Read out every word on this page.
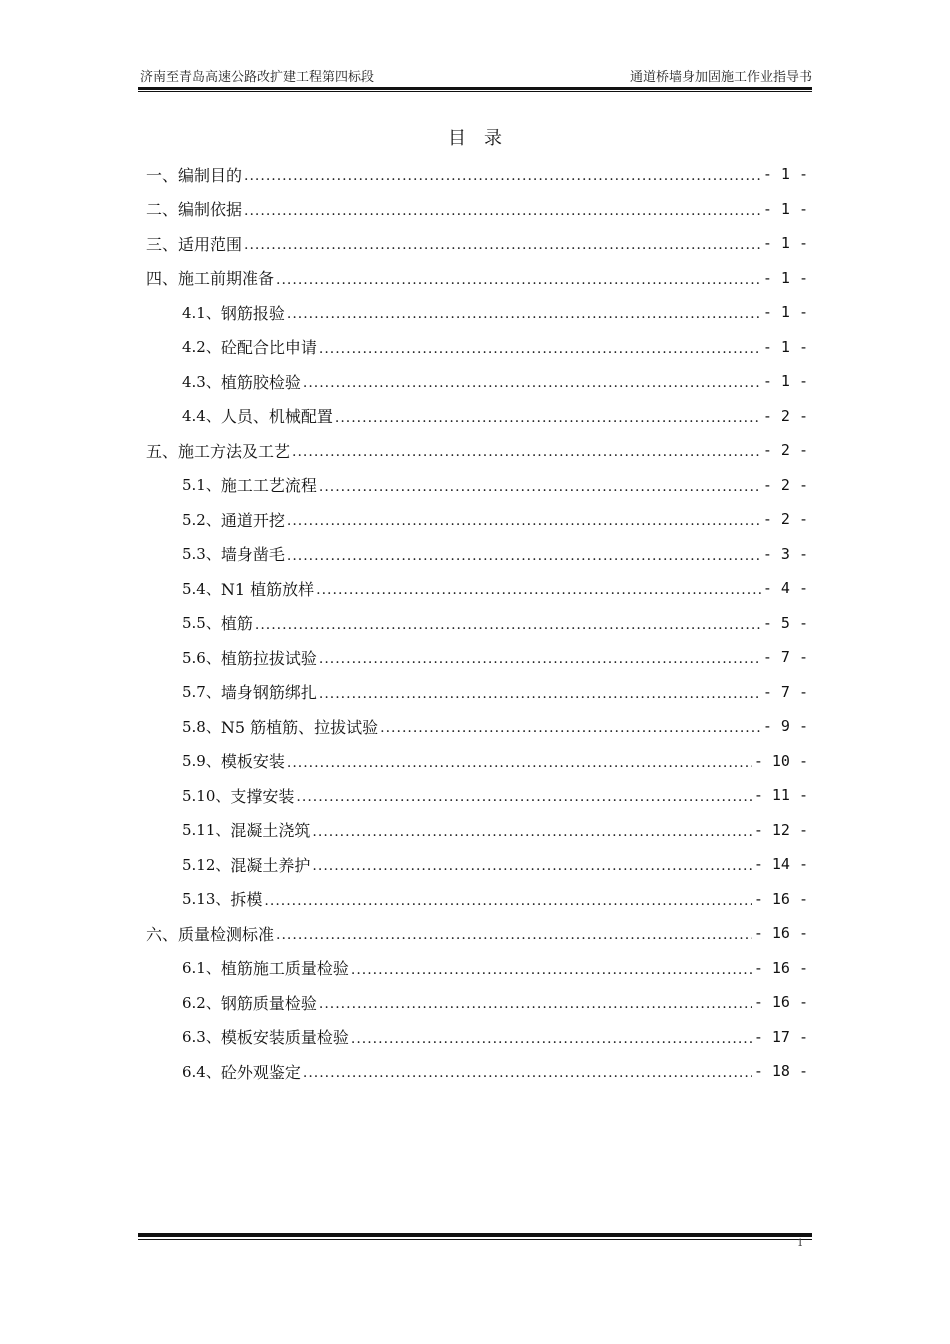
济南至青岛高速公路改扩建工程第四标段	通道桥墙身加固施工作业指导书
目录
一、 编制目的 .....	- 1 -
二、 编制依据 .....	- 1 -
三、 适用范围 .....	- 1 -
四、 施工前期准备 .....	- 1 -
4.1、 钢筋报验 .....	- 1 -
4.2、 砼配合比申请 .....	- 1 -
4.3、 植筋胶检验 .....	- 1 -
4.4、 人员、机械配置 .....	- 2 -
五、 施工方法及工艺 .....	- 2 -
5.1、 施工工艺流程 .....	- 2 -
5.2、 通道开挖 .....	- 2 -
5.3、 墙身凿毛 .....	- 3 -
5.4、 N1 植筋放样 .....	- 4 -
5.5、 植筋 .....	- 5 -
5.6、 植筋拉拔试验 .....	- 7 -
5.7、 墙身钢筋绑扎 .....	- 7 -
5.8、 N5 筋植筋、拉拔试验 .....	- 9 -
5.9、 模板安装 .....	- 10 -
5.10、 支撑安装 .....	- 11 -
5.11、 混凝土浇筑 .....	- 12 -
5.12、 混凝土养护 .....	- 14 -
5.13、 拆模 .....	- 16 -
六、 质量检测标准 .....	- 16 -
6.1、 植筋施工质量检验 .....	- 16 -
6.2、 钢筋质量检验 .....	- 16 -
6.3、 模板安装质量检验 .....	- 17 -
6.4、 砼外观鉴定 .....	- 18 -
1
